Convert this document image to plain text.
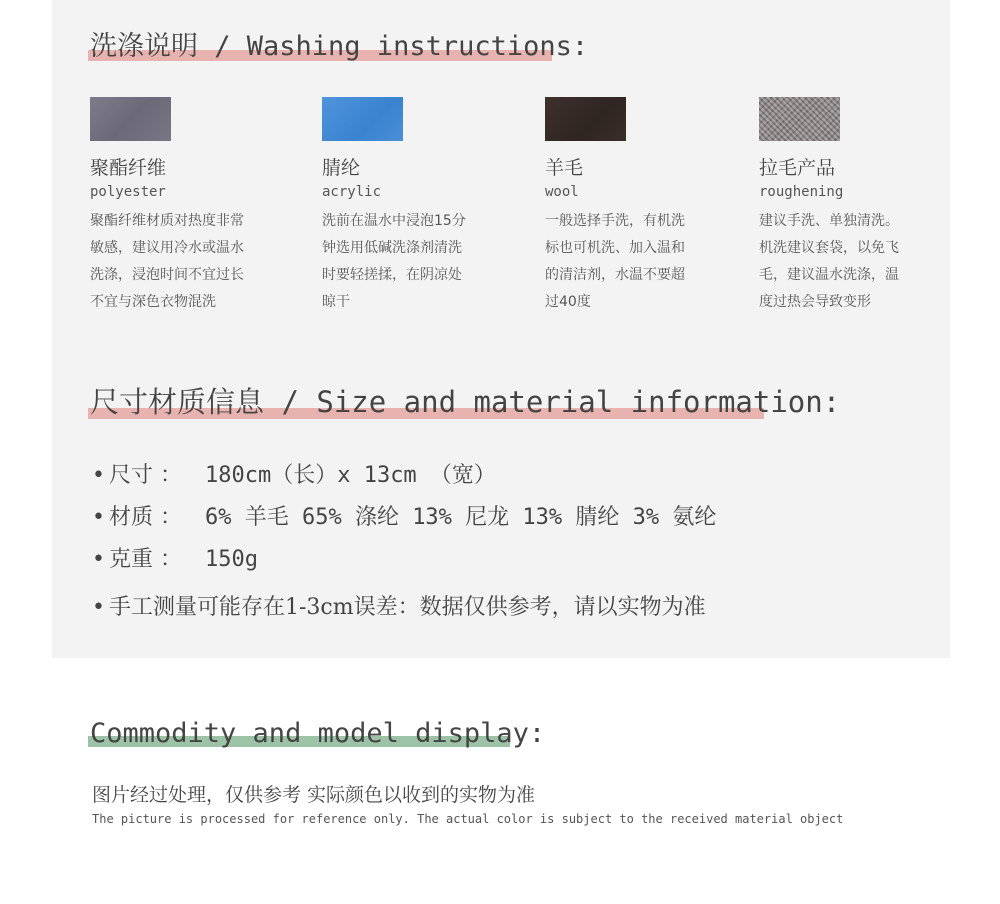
洗涤说明 / Washing instructions:
聚酯纤维
polyester
聚酯纤维材质对热度非常
敏感，建议用冷水或温水
洗涤，浸泡时间不宜过长
不宜与深色衣物混洗
腈纶
acrylic
洗前在温水中浸泡15分
钟选用低碱洗涤剂清洗
时要轻搓揉，在阴凉处
晾干
羊毛
wool
一般选择手洗，有机洗
标也可机洗、加入温和
的清洁剂，水温不要超
过40度
拉毛产品
roughening
建议手洗、单独清洗。
机洗建议套袋，以免飞
毛，建议温水洗涤，温
度过热会导致变形
尺寸材质信息 / Size and material information:
• 尺寸 ： 180cm（长）x 13cm （宽）
• 材质 ： 6% 羊毛 65% 涤纶 13% 尼龙 13% 腈纶 3% 氨纶
• 克重 ： 150g
• 手工测量可能存在1-3cm误差：数据仅供参考，请以实物为准
Commodity and model display:
图片经过处理，仅供参考 实际颜色以收到的实物为准
The picture is processed for reference only. The actual color is subject to the received material object
